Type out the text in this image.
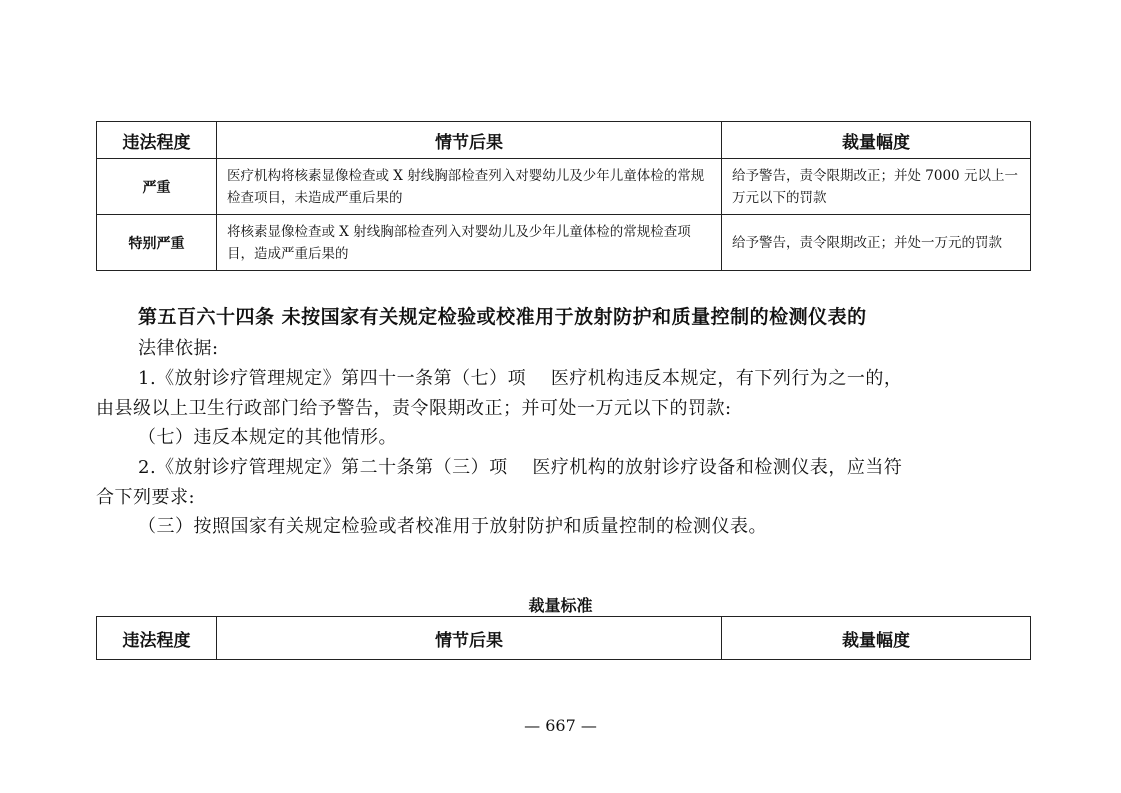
违法程度	情节后果	裁量幅度
严重	医疗机构将核素显像检查或 X 射线胸部检查列入对婴幼儿及少年儿童体检的常规检查项目，未造成严重后果的	给予警告，责令限期改正；并处 7000 元以上一万元以下的罚款
特别严重	将核素显像检查或 X 射线胸部检查列入对婴幼儿及少年儿童体检的常规检查项目，造成严重后果的	给予警告，责令限期改正；并处一万元的罚款
第五百六十四条 未按国家有关规定检验或校准用于放射防护和质量控制的检测仪表的
法律依据:
1.《放射诊疗管理规定》第四十一条第（七）项　 医疗机构违反本规定，有下列行为之一的，
由县级以上卫生行政部门给予警告，责令限期改正；并可处一万元以下的罚款:
（七）违反本规定的其他情形。
2.《放射诊疗管理规定》第二十条第（三）项　 医疗机构的放射诊疗设备和检测仪表，应当符
合下列要求:
（三）按照国家有关规定检验或者校准用于放射防护和质量控制的检测仪表。
裁量标准
违法程度	情节后果	裁量幅度
— 667 —
